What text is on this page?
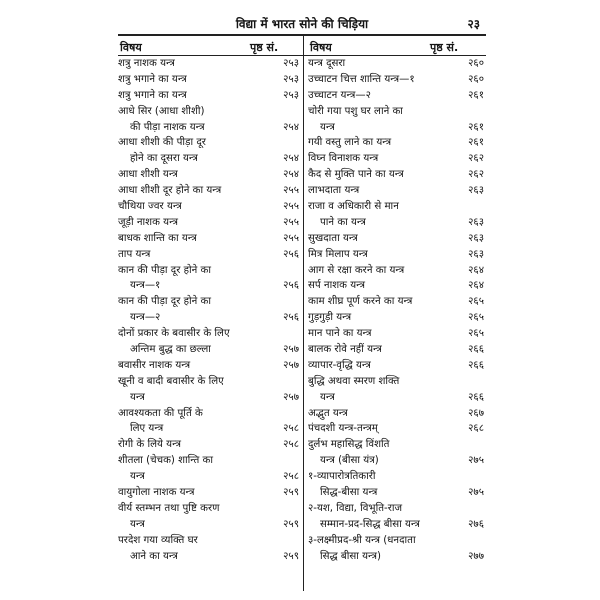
विद्या में भारत सोने की चिड़िया	२३
विषय	पृष्ठ सं.	विषय	पृष्ठ सं.
शत्रु नाशक यन्त्र	२५३
शत्रु भगाने का यन्त्र	२५३
शत्रु भगाने का यन्त्र	२५३
आधे सिर (आधा शीशी)
की पीड़ा नाशक यन्त्र	२५४
आधा शीशी की पीड़ा दूर
होने का दूसरा यन्त्र	२५४
आधा शीशी यन्त्र	२५४
आधा शीशी दूर होने का यन्त्र	२५५
चौथिया ज्वर यन्त्र	२५५
जूड़ी नाशक यन्त्र	२५५
बाधक शान्ति का यन्त्र	२५५
ताप यन्त्र	२५६
कान की पीड़ा दूर होने का
यन्त्र—१	२५६
कान की पीड़ा दूर होने का
यन्त्र—२	२५६
दोनों प्रकार के बवासीर के लिए
अन्तिम बुद्ध का छल्ला	२५७
बवासीर नाशक यन्त्र	२५७
खूनी व बादी बवासीर के लिए
यन्त्र	२५७
आवश्यकता की पूर्ति के
लिए यन्त्र	२५८
रोगी के लिये यन्त्र	२५८
शीतला (चेचक) शान्ति का
यन्त्र	२५८
वायुगोला नाशक यन्त्र	२५९
वीर्य स्तम्भन तथा पुष्टि करण
यन्त्र	२५९
परदेश गया व्यक्ति घर
आने का यन्त्र	२५९
यन्त्र दूसरा	२६०
उच्चाटन चित्त शान्ति यन्त्र—१	२६०
उच्चाटन यन्त्र—२	२६१
चोरी गया पशु घर लाने का
यन्त्र	२६१
गयी वस्तु लाने का यन्त्र	२६१
विघ्न विनाशक यन्त्र	२६२
कैद से मुक्ति पाने का यन्त्र	२६२
लाभदाता यन्त्र	२६३
राजा व अधिकारी से मान
पाने का यन्त्र	२६३
सुखदाता यन्त्र	२६३
मित्र मिलाप यन्त्र	२६३
आग से रक्षा करने का यन्त्र	२६४
सर्प नाशक यन्त्र	२६४
काम शीघ्र पूर्ण करने का यन्त्र	२६५
गुड़गुड़ी यन्त्र	२६५
मान पाने का यन्त्र	२६५
बालक रोवे नहीं यन्त्र	२६६
व्यापार-वृद्धि यन्त्र	२६६
बुद्धि अथवा स्मरण शक्ति
यन्त्र	२६६
अद्भुत यन्त्र	२६७
पंचदशी यन्त्र-तन्त्रम्	२६८
दुर्लभ महासिद्ध विंशति
यन्त्र (बीसा यंत्र)	२७५
१-व्यापारोत्रतिकारी
सिद्ध-बीसा यन्त्र	२७५
२-यश, विद्या, विभूति-राज
सम्मान-प्रद-सिद्ध बीसा यन्त्र	२७६
३-लक्ष्मीप्रद-श्री यन्त्र (धनदाता
सिद्ध बीसा यन्त्र)	२७७
